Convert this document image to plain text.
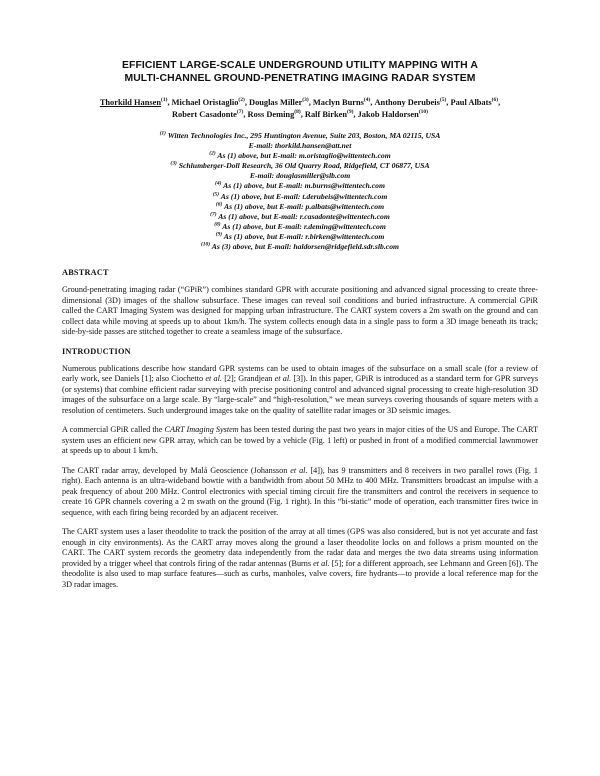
EFFICIENT LARGE-SCALE UNDERGROUND UTILITY MAPPING WITH A
MULTI-CHANNEL GROUND-PENETRATING IMAGING RADAR SYSTEM
Thorkild Hansen$^{(1)}$, Michael Oristaglio$^{(2)}$, Douglas Miller$^{(3)}$, Maclyn Burns$^{(4)}$, Anthony Derubeis$^{(5)}$, Paul Albats$^{(6)}$, Robert Casadonte$^{(7)}$, Ross Deming$^{(8)}$, Ralf Birken$^{(9)}$, Jakob Haldorsen$^{(10)}$
$^{(1)}$ Witten Technologies Inc., 295 Huntington Avenue, Suite 203, Boston, MA 02115, USA
E-mail: thorkild.hansen@att.net
$^{(2)}$ As (1) above, but E-mail: m.oristaglio@wittentech.com
$^{(3)}$ Schlumberger-Doll Research, 36 Old Quarry Road, Ridgefield, CT 06877, USA
E-mail: douglasmiller@slb.com
$^{(4)}$ As (1) above, but E-mail: m.burns@wittentech.com
$^{(5)}$ As (1) above, but E-mail: t.derubeis@wittentech.com
$^{(6)}$ As (1) above, but E-mail: p.albats@wittentech.com
$^{(7)}$ As (1) above, but E-mail: r.casadonte@wittentech.com
$^{(8)}$ As (1) above, but E-mail: r.deming@wittentech.com
$^{(9)}$ As (1) above, but E-mail: r.birken@wittentech.com
$^{(10)}$ As (3) above, but E-mail: haldorsen@ridgefield.sdr.slb.com
ABSTRACT

Ground-penetrating imaging radar (“GPiR”) combines standard GPR with accurate positioning and advanced signal processing to create three-dimensional (3D) images of the shallow subsurface. These images can reveal soil conditions and buried infrastructure. A commercial GPiR called the CART Imaging System was designed for mapping urban infrastructure. The CART system covers a 2m swath on the ground and can collect data while moving at speeds up to about 1km/h. The system collects enough data in a single pass to form a 3D image beneath its track; side-by-side passes are stitched together to create a seamless image of the subsurface.

INTRODUCTION

Numerous publications describe how standard GPR systems can be used to obtain images of the subsurface on a small scale (for a review of early work, see Daniels [1]; also Ciochetto et al. [2]; Grandjean et al. [3]). In this paper, GPiR is introduced as a standard term for GPR surveys (or systems) that combine efficient radar surveying with precise positioning control and advanced signal processing to create high-resolution 3D images of the subsurface on a large scale. By “large-scale” and “high-resolution,” we mean surveys covering thousands of square meters with a resolution of centimeters. Such underground images take on the quality of satellite radar images or 3D seismic images.

A commercial GPiR called the CART Imaging System has been tested during the past two years in major cities of the US and Europe. The CART system uses an efficient new GPR array, which can be towed by a vehicle (Fig. 1 left) or pushed in front of a modified commercial lawnmower at speeds up to about 1 km/h.

The CART radar array, developed by Malå Geoscience (Johansson et al. [4]), has 9 transmitters and 8 receivers in two parallel rows (Fig. 1 right). Each antenna is an ultra-wideband bowtie with a bandwidth from about 50 MHz to 400 MHz. Transmitters broadcast an impulse with a peak frequency of about 200 MHz. Control electronics with special timing circuit fire the transmitters and control the receivers in sequence to create 16 GPR channels covering a 2 m swath on the ground (Fig. 1 right). In this “bi-static” mode of operation, each transmitter fires twice in sequence, with each firing being recorded by an adjacent receiver.

The CART system uses a laser theodolite to track the position of the array at all times (GPS was also considered, but is not yet accurate and fast enough in city environments). As the CART array moves along the ground a laser theodolite locks on and follows a prism mounted on the CART. The CART system records the geometry data independently from the radar data and merges the two data streams using information provided by a trigger wheel that controls firing of the radar antennas (Burns et al. [5]; for a different approach, see Lehmann and Green [6]). The theodolite is also used to map surface features—such as curbs, manholes, valve covers, fire hydrants—to provide a local reference map for the 3D radar images.
